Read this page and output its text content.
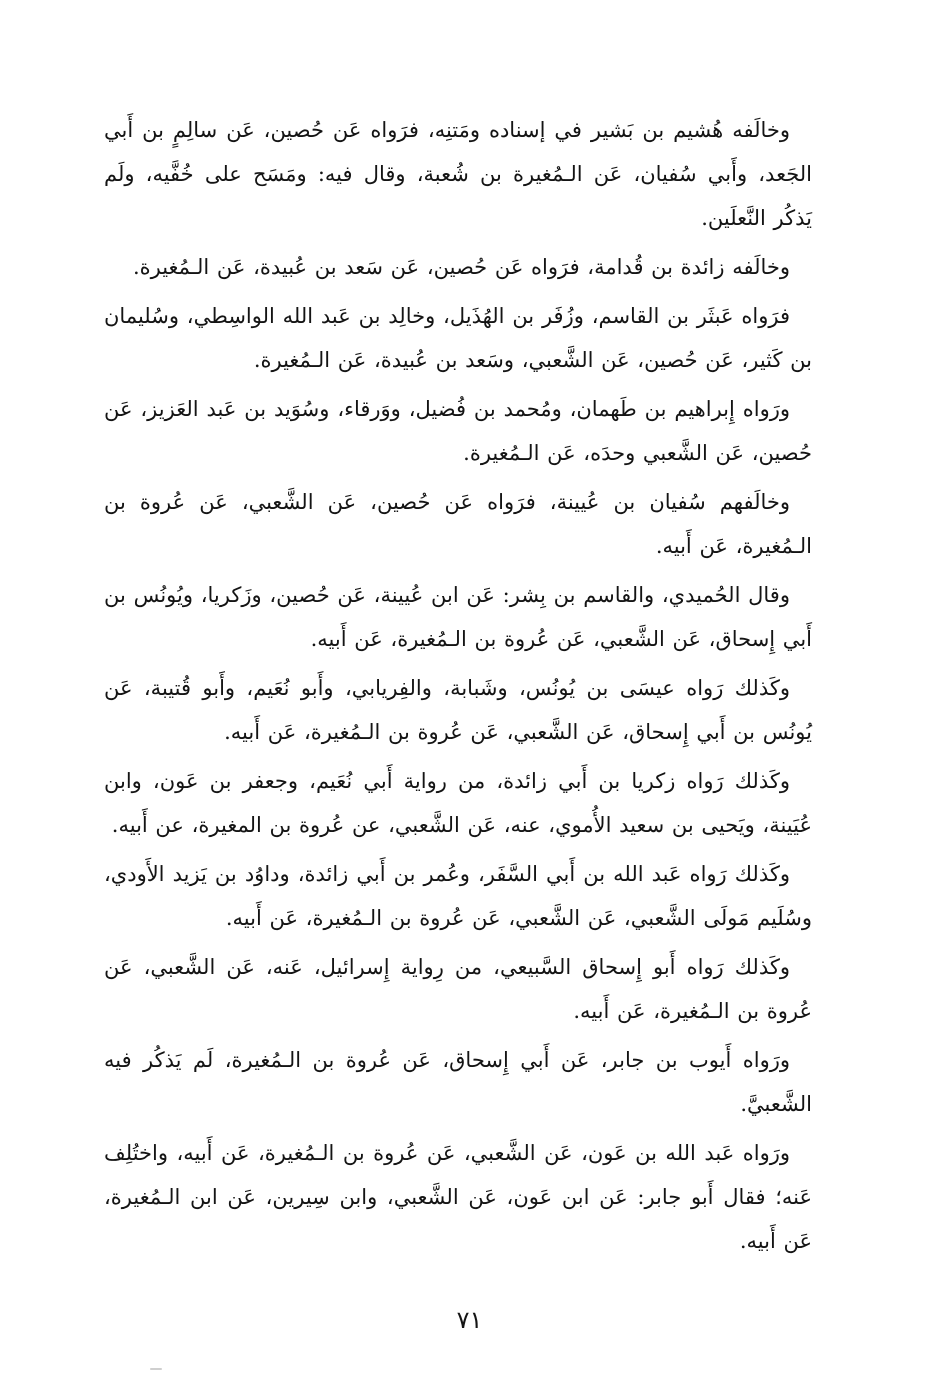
وخالَفه هُشيم بن بَشير في إسناده ومَتنِه، فرَواه عَن حُصين، عَن سالِمٍ بن أَبي الجَعد، وأَبي سُفيان، عَن الـمُغيرة بن شُعبة، وقال فيه: ومَسَح على خُفَّيه، ولَم يَذكُر النَّعلَين.

وخالَفه زائدة بن قُدامة، فرَواه عَن حُصين، عَن سَعد بن عُبيدة، عَن الـمُغيرة.

فرَواه عَبثَر بن القاسم، وزُفَر بن الهُذَيل، وخالِد بن عَبد الله الواسِطي، وسُليمان بن كَثير، عَن حُصين، عَن الشَّعبي، وسَعد بن عُبيدة، عَن الـمُغيرة.

ورَواه إِبراهيم بن طَهمان، ومُحمد بن فُضيل، ووَرقاء، وسُوَيد بن عَبد العَزيز، عَن حُصين، عَن الشَّعبي وحدَه، عَن الـمُغيرة.

وخالَفهم سُفيان بن عُيينة، فرَواه عَن حُصين، عَن الشَّعبي، عَن عُروة بن الـمُغيرة، عَن أَبيه.

وقال الحُميدي، والقاسم بن بِشر: عَن ابن عُيينة، عَن حُصين، وزَكريا، ويُونُس بن أَبي إِسحاق، عَن الشَّعبي، عَن عُروة بن الـمُغيرة، عَن أَبيه.

وكَذلك رَواه عيسَى بن يُونُس، وشَبابة، والفِريابي، وأَبو نُعَيم، وأَبو قُتيبة، عَن يُونُس بن أَبي إِسحاق، عَن الشَّعبي، عَن عُروة بن الـمُغيرة، عَن أَبيه.

وكَذلك رَواه زكريا بن أَبي زائدة، من رواية أَبي نُعَيم، وجعفر بن عَون، وابن عُيَينة، ويَحيى بن سعيد الأُموي، عنه، عَن الشَّعبي، عن عُروة بن المغيرة، عن أَبيه.

وكَذلك رَواه عَبد الله بن أَبي السَّفَر، وعُمر بن أَبي زائدة، وداوُد بن يَزيد الأَودي، وسُلَيم مَولَى الشَّعبي، عَن الشَّعبي، عَن عُروة بن الـمُغيرة، عَن أَبيه.

وكَذلك رَواه أَبو إِسحاق السَّبيعي، من رِواية إِسرائيل، عَنه، عَن الشَّعبي، عَن عُروة بن الـمُغيرة، عَن أَبيه.

ورَواه أَيوب بن جابر، عَن أَبي إِسحاق، عَن عُروة بن الـمُغيرة، لَم يَذكُر فيه الشَّعبيَّ.

ورَواه عَبد الله بن عَون، عَن الشَّعبي، عَن عُروة بن الـمُغيرة، عَن أَبيه، واختُلِف عَنه؛ فقال أَبو جابر: عَن ابن عَون، عَن الشَّعبي، وابن سِيرين، عَن ابن الـمُغيرة، عَن أَبيه.

٧١
